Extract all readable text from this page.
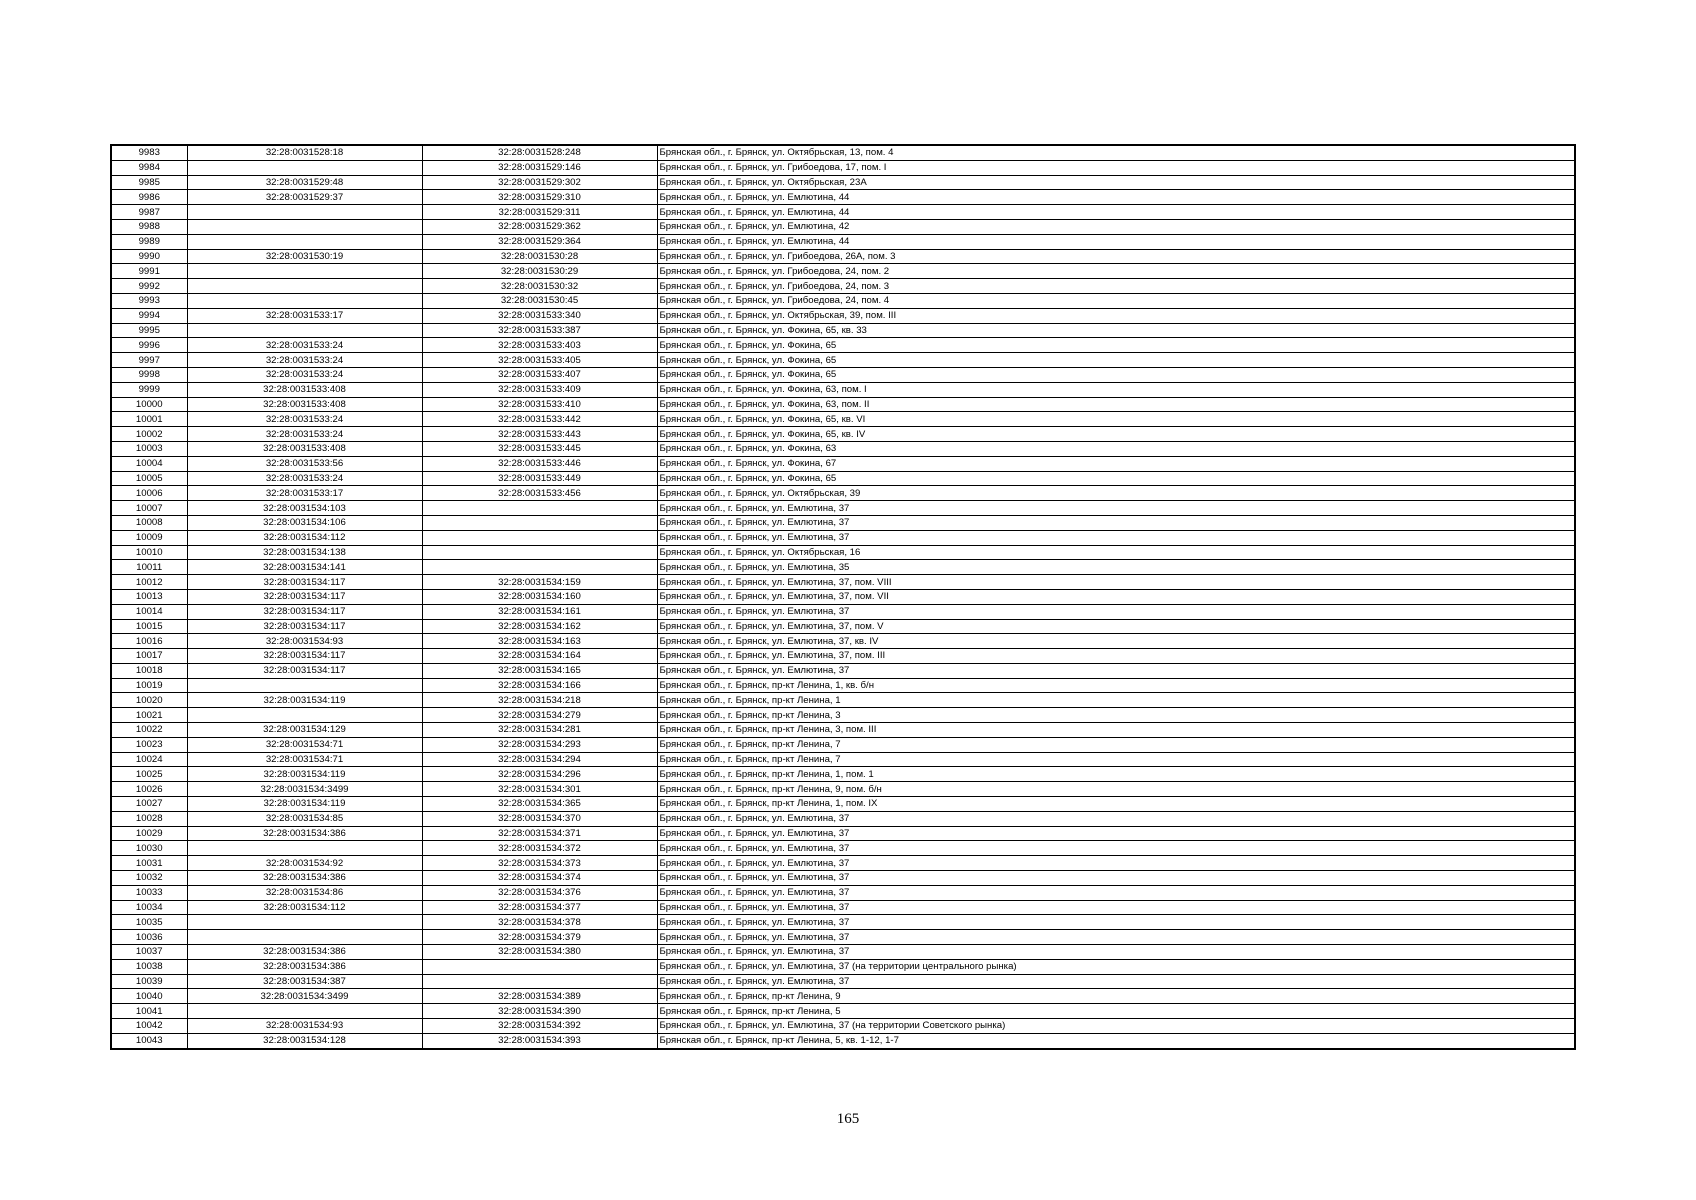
9983	32:28:0031528:18	32:28:0031528:248	Брянская обл., г. Брянск, ул. Октябрьская, 13, пом. 4
9984		32:28:0031529:146	Брянская обл., г. Брянск, ул. Грибоедова, 17, пом. I
9985	32:28:0031529:48	32:28:0031529:302	Брянская обл., г. Брянск, ул. Октябрьская, 23А
9986	32:28:0031529:37	32:28:0031529:310	Брянская обл., г. Брянск, ул. Емлютина, 44
9987		32:28:0031529:311	Брянская обл., г. Брянск, ул. Емлютина, 44
9988		32:28:0031529:362	Брянская обл., г. Брянск, ул. Емлютина, 42
9989		32:28:0031529:364	Брянская обл., г. Брянск, ул. Емлютина, 44
9990	32:28:0031530:19	32:28:0031530:28	Брянская обл., г. Брянск, ул. Грибоедова, 26А, пом. 3
9991		32:28:0031530:29	Брянская обл., г. Брянск, ул. Грибоедова, 24, пом. 2
9992		32:28:0031530:32	Брянская обл., г. Брянск, ул. Грибоедова, 24, пом. 3
9993		32:28:0031530:45	Брянская обл., г. Брянск, ул. Грибоедова, 24, пом. 4
9994	32:28:0031533:17	32:28:0031533:340	Брянская обл., г. Брянск, ул. Октябрьская, 39, пом. III
9995		32:28:0031533:387	Брянская обл., г. Брянск, ул. Фокина, 65, кв. 33
9996	32:28:0031533:24	32:28:0031533:403	Брянская обл., г. Брянск, ул. Фокина, 65
9997	32:28:0031533:24	32:28:0031533:405	Брянская обл., г. Брянск, ул. Фокина, 65
9998	32:28:0031533:24	32:28:0031533:407	Брянская обл., г. Брянск, ул. Фокина, 65
9999	32:28:0031533:408	32:28:0031533:409	Брянская обл., г. Брянск, ул. Фокина, 63, пом. I
10000	32:28:0031533:408	32:28:0031533:410	Брянская обл., г. Брянск, ул. Фокина, 63, пом. II
10001	32:28:0031533:24	32:28:0031533:442	Брянская обл., г. Брянск, ул. Фокина, 65, кв. VI
10002	32:28:0031533:24	32:28:0031533:443	Брянская обл., г. Брянск, ул. Фокина, 65, кв. IV
10003	32:28:0031533:408	32:28:0031533:445	Брянская обл., г. Брянск, ул. Фокина, 63
10004	32:28:0031533:56	32:28:0031533:446	Брянская обл., г. Брянск, ул. Фокина, 67
10005	32:28:0031533:24	32:28:0031533:449	Брянская обл., г. Брянск, ул. Фокина, 65
10006	32:28:0031533:17	32:28:0031533:456	Брянская обл., г. Брянск, ул. Октябрьская, 39
10007	32:28:0031534:103		Брянская обл., г. Брянск, ул. Емлютина, 37
10008	32:28:0031534:106		Брянская обл., г. Брянск, ул. Емлютина, 37
10009	32:28:0031534:112		Брянская обл., г. Брянск, ул. Емлютина, 37
10010	32:28:0031534:138		Брянская обл., г. Брянск, ул. Октябрьская, 16
10011	32:28:0031534:141		Брянская обл., г. Брянск, ул. Емлютина, 35
10012	32:28:0031534:117	32:28:0031534:159	Брянская обл., г. Брянск, ул. Емлютина, 37, пом. VIII
10013	32:28:0031534:117	32:28:0031534:160	Брянская обл., г. Брянск, ул. Емлютина, 37, пом. VII
10014	32:28:0031534:117	32:28:0031534:161	Брянская обл., г. Брянск, ул. Емлютина, 37
10015	32:28:0031534:117	32:28:0031534:162	Брянская обл., г. Брянск, ул. Емлютина, 37, пом. V
10016	32:28:0031534:93	32:28:0031534:163	Брянская обл., г. Брянск, ул. Емлютина, 37, кв. IV
10017	32:28:0031534:117	32:28:0031534:164	Брянская обл., г. Брянск, ул. Емлютина, 37, пом. III
10018	32:28:0031534:117	32:28:0031534:165	Брянская обл., г. Брянск, ул. Емлютина, 37
10019		32:28:0031534:166	Брянская обл., г. Брянск, пр-кт Ленина, 1, кв. б/н
10020	32:28:0031534:119	32:28:0031534:218	Брянская обл., г. Брянск, пр-кт Ленина, 1
10021		32:28:0031534:279	Брянская обл., г. Брянск, пр-кт Ленина, 3
10022	32:28:0031534:129	32:28:0031534:281	Брянская обл., г. Брянск, пр-кт Ленина, 3, пом. III
10023	32:28:0031534:71	32:28:0031534:293	Брянская обл., г. Брянск, пр-кт Ленина, 7
10024	32:28:0031534:71	32:28:0031534:294	Брянская обл., г. Брянск, пр-кт Ленина, 7
10025	32:28:0031534:119	32:28:0031534:296	Брянская обл., г. Брянск, пр-кт Ленина, 1, пом. 1
10026	32:28:0031534:3499	32:28:0031534:301	Брянская обл., г. Брянск, пр-кт Ленина, 9, пом. б/н
10027	32:28:0031534:119	32:28:0031534:365	Брянская обл., г. Брянск, пр-кт Ленина, 1, пом. IX
10028	32:28:0031534:85	32:28:0031534:370	Брянская обл., г. Брянск, ул. Емлютина, 37
10029	32:28:0031534:386	32:28:0031534:371	Брянская обл., г. Брянск, ул. Емлютина, 37
10030		32:28:0031534:372	Брянская обл., г. Брянск, ул. Емлютина, 37
10031	32:28:0031534:92	32:28:0031534:373	Брянская обл., г. Брянск, ул. Емлютина, 37
10032	32:28:0031534:386	32:28:0031534:374	Брянская обл., г. Брянск, ул. Емлютина, 37
10033	32:28:0031534:86	32:28:0031534:376	Брянская обл., г. Брянск, ул. Емлютина, 37
10034	32:28:0031534:112	32:28:0031534:377	Брянская обл., г. Брянск, ул. Емлютина, 37
10035		32:28:0031534:378	Брянская обл., г. Брянск, ул. Емлютина, 37
10036		32:28:0031534:379	Брянская обл., г. Брянск, ул. Емлютина, 37
10037	32:28:0031534:386	32:28:0031534:380	Брянская обл., г. Брянск, ул. Емлютина, 37
10038	32:28:0031534:386		Брянская обл., г. Брянск, ул. Емлютина, 37 (на территории центрального рынка)
10039	32:28:0031534:387		Брянская обл., г. Брянск, ул. Емлютина, 37
10040	32:28:0031534:3499	32:28:0031534:389	Брянская обл., г. Брянск, пр-кт Ленина, 9
10041		32:28:0031534:390	Брянская обл., г. Брянск, пр-кт Ленина, 5
10042	32:28:0031534:93	32:28:0031534:392	Брянская обл., г. Брянск, ул. Емлютина, 37 (на территории Советского рынка)
10043	32:28:0031534:128	32:28:0031534:393	Брянская обл., г. Брянск, пр-кт Ленина, 5, кв. 1-12, 1-7
165
